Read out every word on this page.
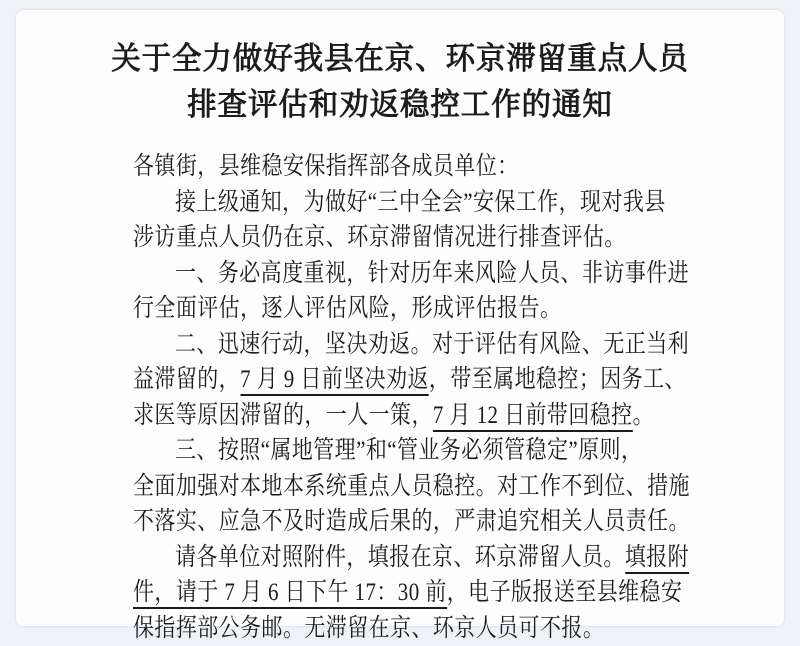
关于全力做好我县在京、环京滞留重点人员
排查评估和劝返稳控工作的通知
各镇街，县维稳安保指挥部各成员单位：
接上级通知，为做好“三中全会”安保工作，现对我县
涉访重点人员仍在京、环京滞留情况进行排查评估。
一、务必高度重视，针对历年来风险人员、非访事件进
行全面评估，逐人评估风险，形成评估报告。
二、迅速行动，坚决劝返。对于评估有风险、无正当利
益滞留的，7 月 9 日前坚决劝返，带至属地稳控；因务工、
求医等原因滞留的，一人一策，7 月 12 日前带回稳控。
三、按照“属地管理”和“管业务必须管稳定”原则，
全面加强对本地本系统重点人员稳控。对工作不到位、措施
不落实、应急不及时造成后果的，严肃追究相关人员责任。
请各单位对照附件，填报在京、环京滞留人员。填报附
件，请于 7 月 6 日下午 17：30 前，电子版报送至县维稳安
保指挥部公务邮。无滞留在京、环京人员可不报。
